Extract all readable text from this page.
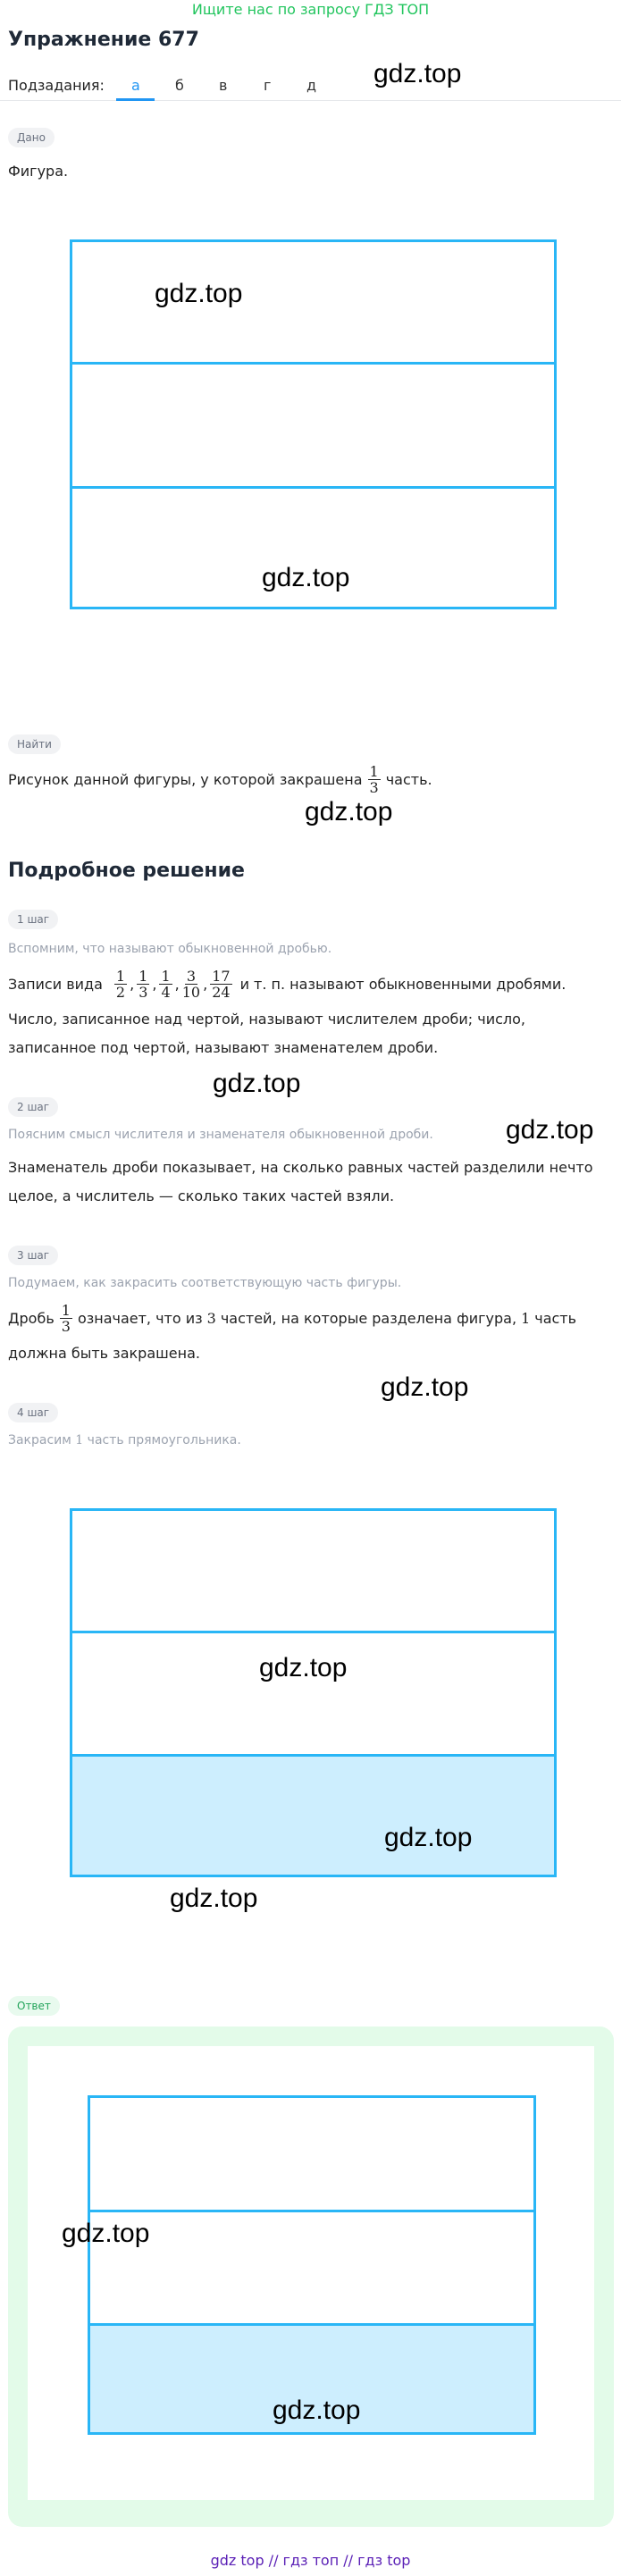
Ищите нас по запросу ГДЗ ТОП
Упражнение 677
Подзадания: а б в	г д
Дано
Фигура.
Найти
Рисунок данной фигуры, у которой закрашена $\frac{1}{3}$ часть.
Подробное решение
1 шаг
Вспомним, что называют обыкновенной дробью.
Записи вида $\frac{1}{2}$ , $\frac{1}{3}$ , $\frac{1}{4}$ , $\frac{3}{10}$ , $\frac{17}{24}$ и т. п. называют обыкновенными дробями.
Число, записанное над чертой, называют числителем дроби; число,
записанное под чертой, называют знаменателем дроби.
2 шаг
Поясним смысл числителя и знаменателя обыкновенной дроби.
Знаменатель дроби показывает, на сколько равных частей разделили нечто
целое, а числитель — сколько таких частей взяли.
3 шаг
Подумаем, как закрасить соответствующую часть фигуры.
Дробь $\frac{1}{3}$ означает, что из 3 частей, на которые разделена фигура, 1 часть
должна быть закрашена.
4 шаг
Закрасим 1 часть прямоугольника.
Ответ
gdz.top
gdz.top
gdz.top
gdz.top
gdz.top
gdz.top
gdz.top
gdz.top
gdz.top
gdz.top
gdz.top
gdz.top
gdz top // гдз топ // гдз top
